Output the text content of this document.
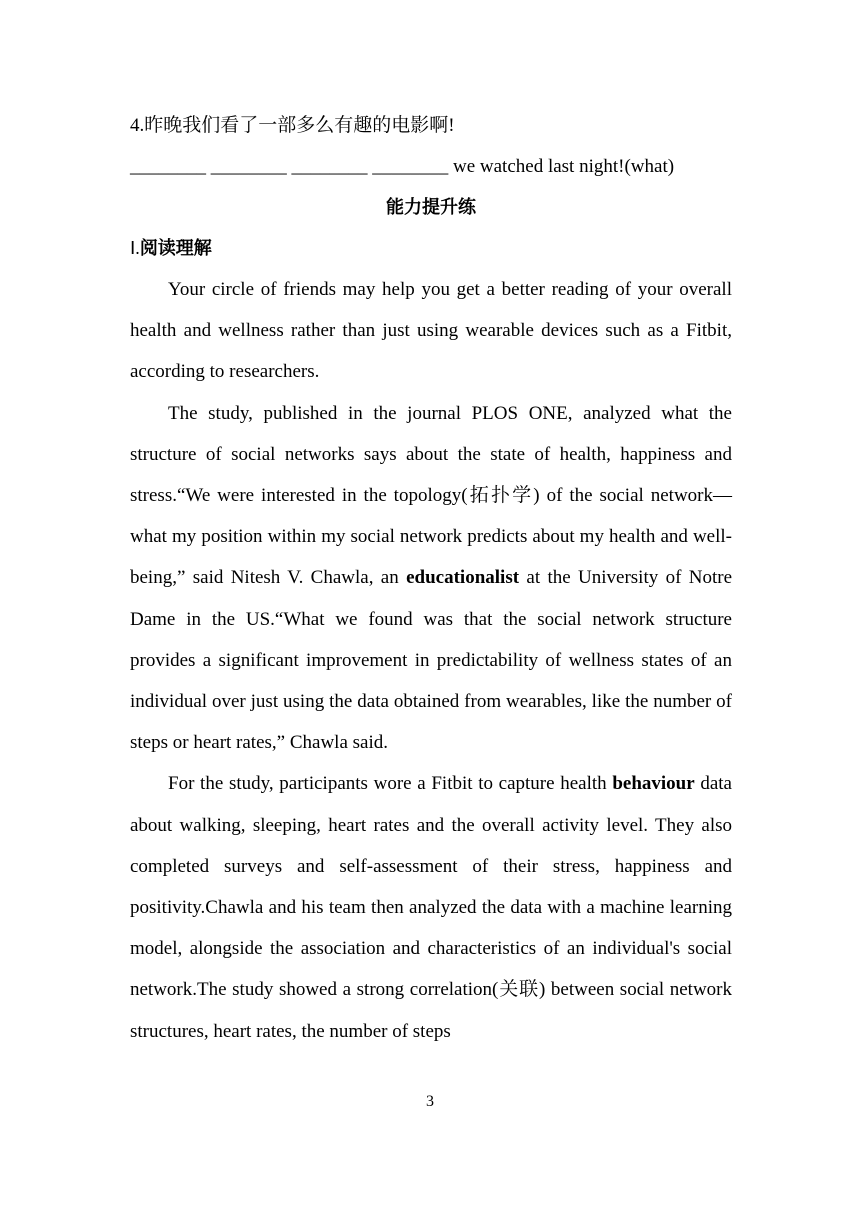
4.昨晚我们看了一部多么有趣的电影啊!
________ ________ ________ ________ we watched last night!(what)
能力提升练
Ⅰ.阅读理解

Your circle of friends may help you get a better reading of your overall health and wellness rather than just using wearable devices such as a Fitbit, according to researchers.

The study, published in the journal PLOS ONE, analyzed what the structure of social networks says about the state of health, happiness and stress.“We were interested in the topology(拓扑学) of the social network—what my position within my social network predicts about my health and well-being,” said Nitesh V. Chawla, an educationalist at the University of Notre Dame in the US.“What we found was that the social network structure provides a significant improvement in predictability of wellness states of an individual over just using the data obtained from wearables, like the number of steps or heart rates,” Chawla said.

For the study, participants wore a Fitbit to capture health behaviour data about walking, sleeping, heart rates and the overall activity level. They also completed surveys and self-assessment of their stress, happiness and positivity.Chawla and his team then analyzed the data with a machine learning model, alongside the association and characteristics of an individual's social network.The study showed a strong correlation(关联) between social network structures, heart rates, the number of steps

3
